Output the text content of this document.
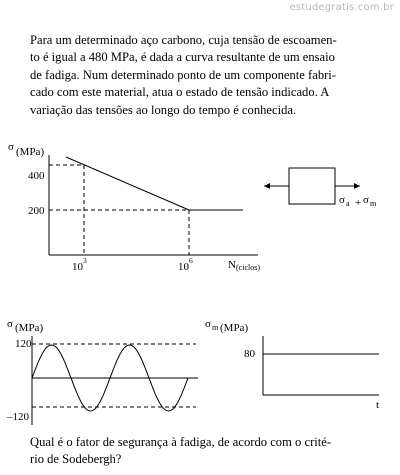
estudegratis.com.br
Para um determinado aço carbono, cuja tensão de escoamen-
to é igual a 480 MPa, é dada a curva resultante de um ensaio
de fadiga. Num determinado ponto de um componente fabri-
cado com este material, atua o estado de tensão indicado. A
variação das tensões ao longo do tempo é conhecida.
σ (MPa)
400
200
10
3
10
6	N (ciclos)
σ a + σ m
σ (MPa)
120
–120
σ m (MPa)
80
t
Qual é o fator de segurança à fadiga, de acordo com o crité-
rio de Sodebergh?
